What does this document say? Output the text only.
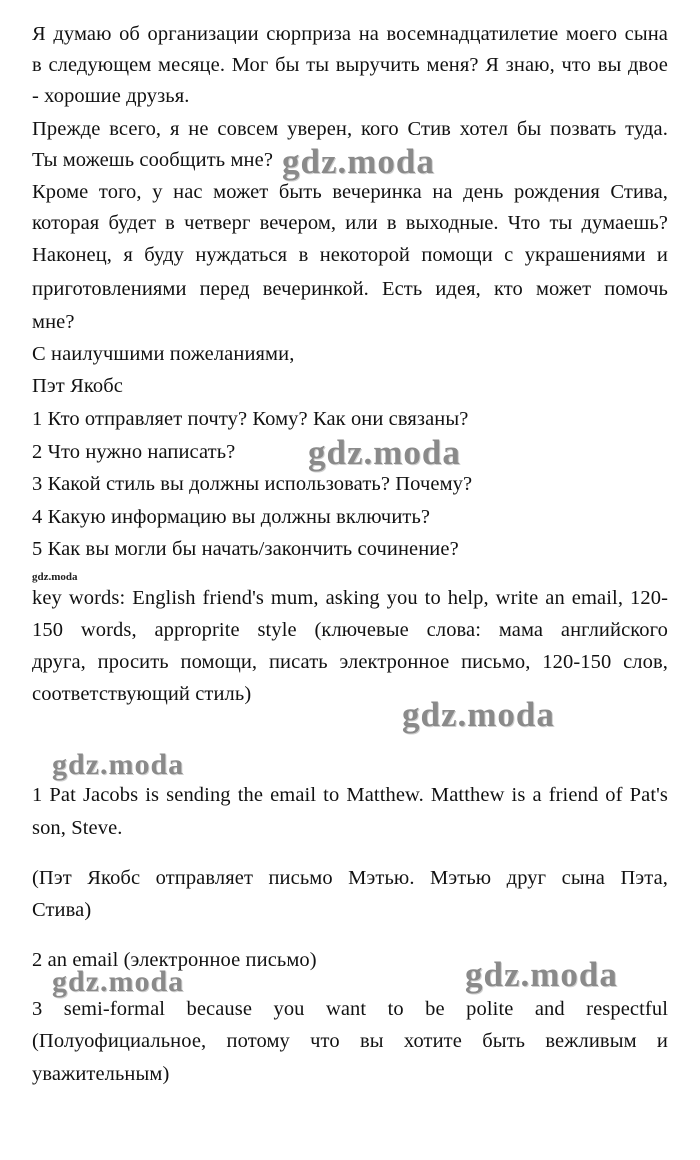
Я думаю об организации сюрприза на восемнадцатилетие моего сына
в следующем месяце. Мог бы ты выручить меня? Я знаю, что вы двое
- хорошие друзья.
Прежде всего, я не совсем уверен, кого Стив хотел бы позвать туда.
Ты можешь сообщить мне?
Кроме того, у нас может быть вечеринка на день рождения Стива,
которая будет в четверг вечером, или в выходные. Что ты думаешь?
Наконец, я буду нуждаться в некоторой помощи с украшениями и
приготовлениями перед вечеринкой. Есть идея, кто может помочь
мне?
С наилучшими пожеланиями,
Пэт Якобс
1 Кто отправляет почту? Кому? Как они связаны?
2 Что нужно написать?
3 Какой стиль вы должны использовать? Почему?
4 Какую информацию вы должны включить?
5 Как вы могли бы начать/закончить сочинение?
gdz.moda
key words: English friend's mum, asking you to help, write an email, 120-
150 words, approprite style (ключевые слова: мама английского
друга, просить помощи, писать электронное письмо, 120-150 слов,
соответствующий стиль)
1 Pat Jacobs is sending the email to Matthew. Matthew is a friend of Pat's
son, Steve.
(Пэт Якобс отправляет письмо Мэтью. Мэтью друг сына Пэта,
Стива)
2 an email (электронное письмо)
3 semi-formal because you want to be polite and respectful
(Полуофициальное, потому что вы хотите быть вежливым и
уважительным)
gdz.moda
gdz.moda
gdz.moda
gdz.moda
gdz.moda	gdz.moda
